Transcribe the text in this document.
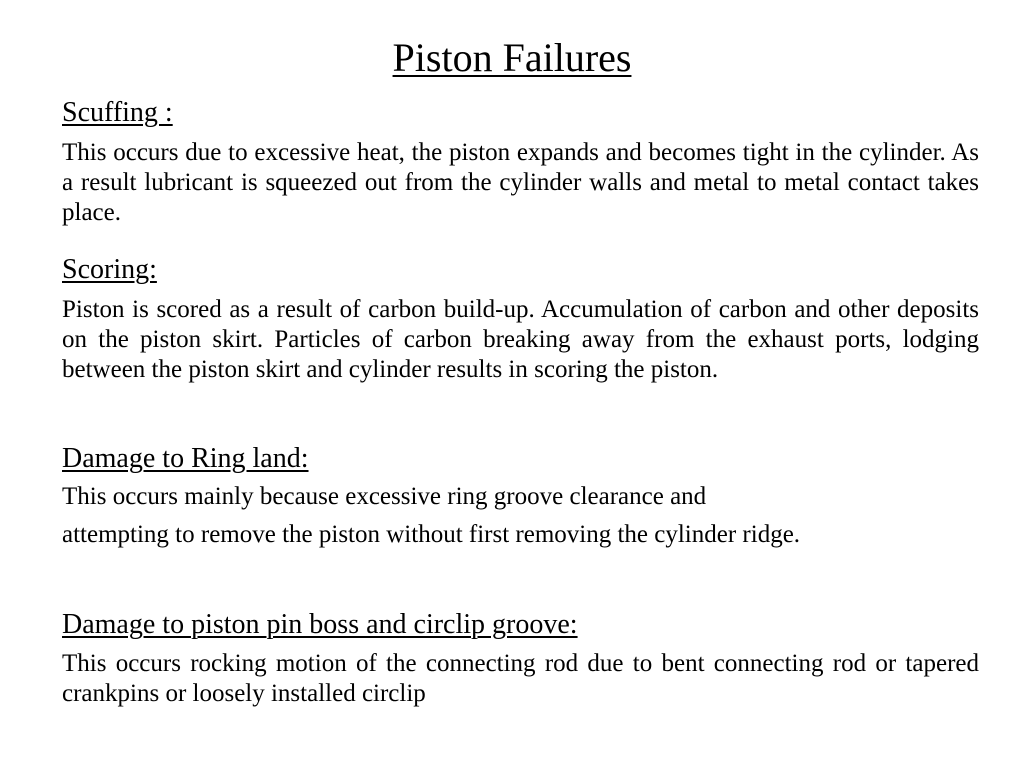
Piston Failures
Scuffing :
This occurs due to excessive heat, the piston expands and becomes tight in the cylinder. As a result lubricant is squeezed out from the cylinder walls and metal to metal contact takes place.
Scoring:
Piston is scored as a result of carbon build-up. Accumulation of carbon and other deposits on the piston skirt. Particles of carbon breaking away from the exhaust ports, lodging between the piston skirt and cylinder results in scoring the piston.
Damage to Ring land:
This occurs mainly because excessive ring groove clearance and
attempting to remove the piston without first removing the cylinder ridge.
Damage to piston pin boss and circlip groove:
This occurs rocking motion of the connecting rod due to bent connecting rod or tapered crankpins or loosely installed circlip
